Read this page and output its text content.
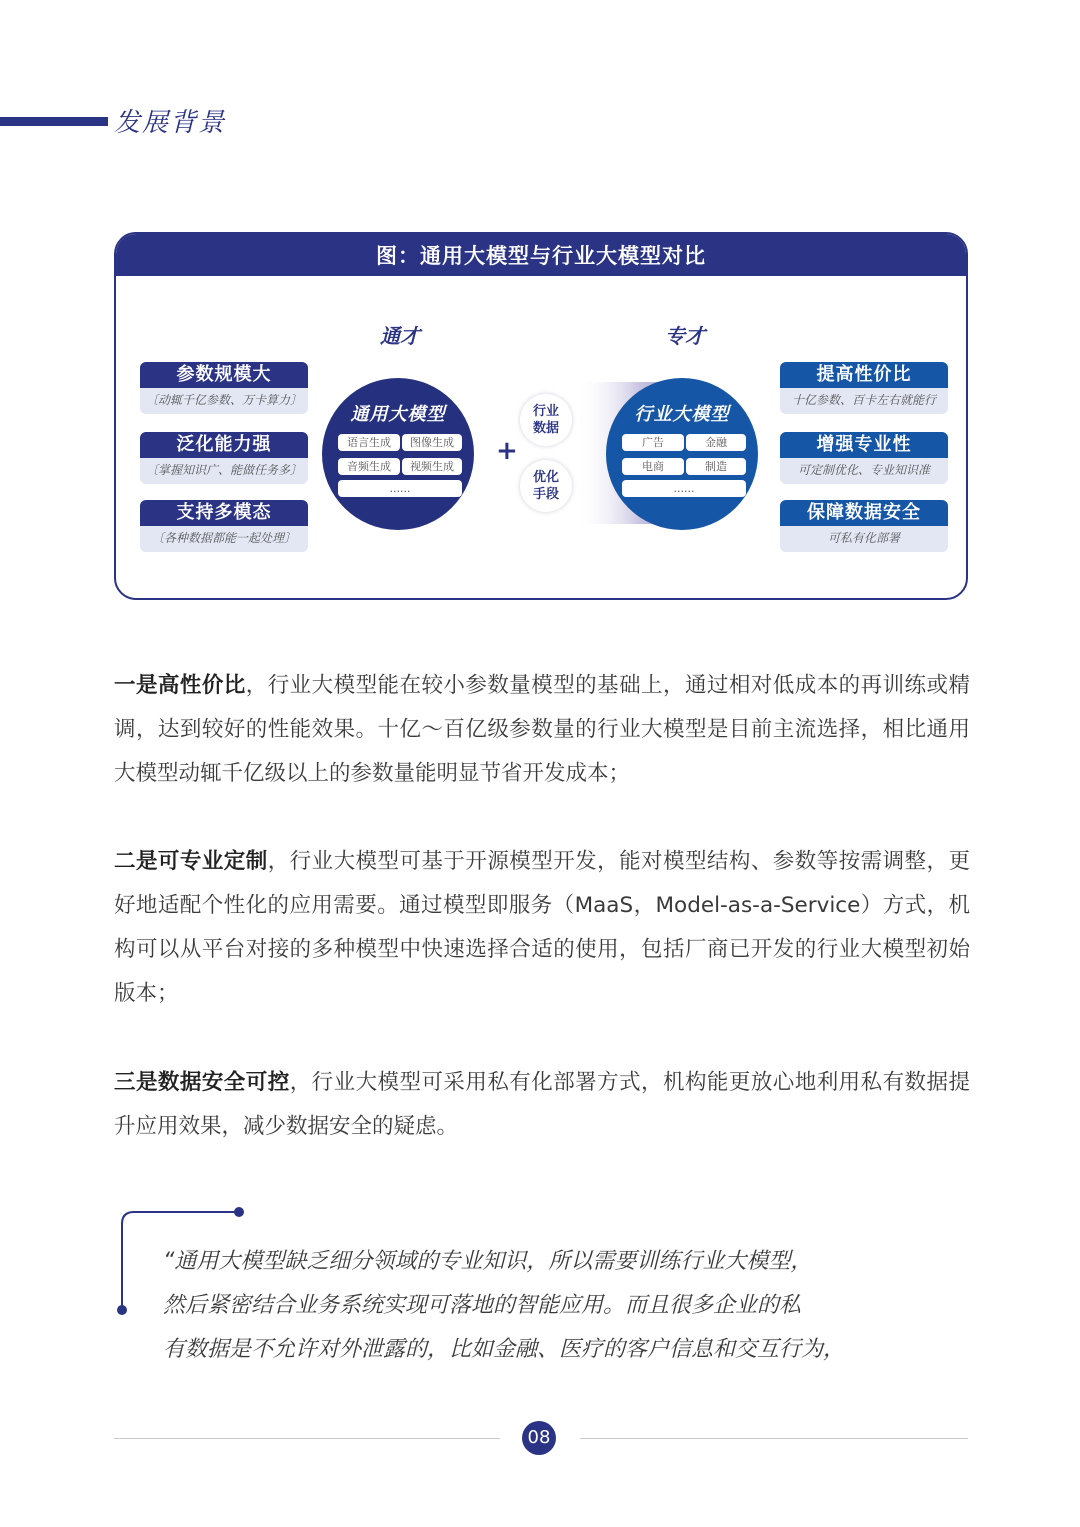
发展背景
图：通用大模型与行业大模型对比
通才	专才
参数规模大
〔动辄千亿参数、万卡算力〕
泛化能力强
〔掌握知识广、能做任务多〕
支持多模态
〔各种数据都能一起处理〕
通用大模型
语言生成	图像生成
音频生成	视频生成
......
+
行业
数据
优化
手段
行业大模型
广告	金融
电商	制造
......
提高性价比
十亿参数、百卡左右就能行
增强专业性
可定制优化、专业知识准
保障数据安全
可私有化部署
一是高性价比，行业大模型能在较小参数量模型的基础上，通过相对低成本的再训练或精调，达到较好的性能效果。十亿～百亿级参数量的行业大模型是目前主流选择，相比通用大模型动辄千亿级以上的参数量能明显节省开发成本；
二是可专业定制，行业大模型可基于开源模型开发，能对模型结构、参数等按需调整，更好地适配个性化的应用需要。通过模型即服务（MaaS，Model-as-a-Service）方式，机构可以从平台对接的多种模型中快速选择合适的使用，包括厂商已开发的行业大模型初始版本；
三是数据安全可控，行业大模型可采用私有化部署方式，机构能更放心地利用私有数据提升应用效果，减少数据安全的疑虑。
“通用大模型缺乏细分领域的专业知识，所以需要训练行业大模型，
然后紧密结合业务系统实现可落地的智能应用。而且很多企业的私
有数据是不允许对外泄露的，比如金融、医疗的客户信息和交互行为，
08
